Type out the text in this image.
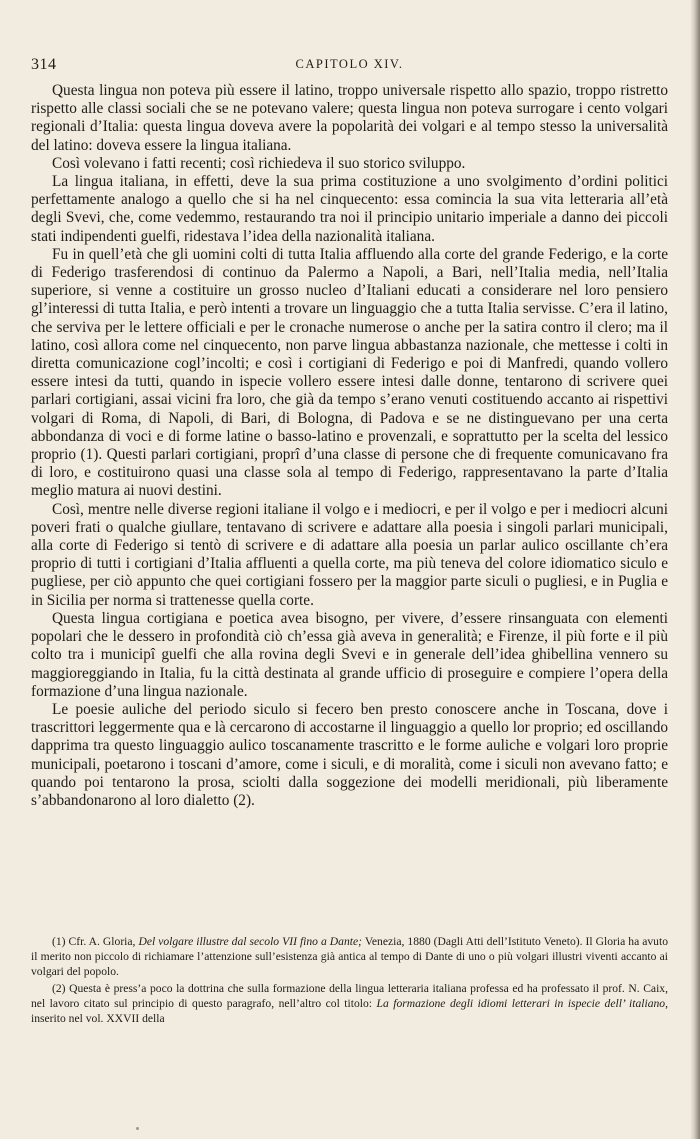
314	CAPITOLO XIV.

Questa lingua non poteva più essere il latino, troppo universale rispetto allo spazio, troppo ristretto rispetto alle classi sociali che se ne potevano valere; questa lingua non poteva surrogare i cento volgari regionali d’Italia: questa lingua doveva avere la popolarità dei volgari e al tempo stesso la universalità del latino: doveva essere la lingua italiana.

Così volevano i fatti recenti; così richiedeva il suo storico sviluppo.

La lingua italiana, in effetti, deve la sua prima costituzione a uno svolgimento d’ordini politici perfettamente analogo a quello che si ha nel cinquecento: essa comincia la sua vita letteraria all’età degli Svevi, che, come vedemmo, restaurando tra noi il principio unitario imperiale a danno dei piccoli stati indipendenti guelfi, ridestava l’idea della nazionalità italiana.

Fu in quell’età che gli uomini colti di tutta Italia affluendo alla corte del grande Federigo, e la corte di Federigo trasferendosi di continuo da Palermo a Napoli, a Bari, nell’Italia media, nell’Italia superiore, si venne a costituire un grosso nucleo d’Italiani educati a considerare nel loro pensiero gl’interessi di tutta Italia, e però intenti a trovare un linguaggio che a tutta Italia servisse. C’era il latino, che serviva per le lettere officiali e per le cronache numerose o anche per la satira contro il clero; ma il latino, così allora come nel cinquecento, non parve lingua abbastanza nazionale, che mettesse i colti in diretta comunicazione cogl’incolti; e così i cortigiani di Federigo e poi di Manfredi, quando vollero essere intesi da tutti, quando in ispecie vollero essere intesi dalle donne, tentarono di scrivere quei parlari cortigiani, assai vicini fra loro, che già da tempo s’erano venuti costituendo accanto ai rispettivi volgari di Roma, di Napoli, di Bari, di Bologna, di Padova e se ne distinguevano per una certa abbondanza di voci e di forme latine o basso-latino e provenzali, e soprattutto per la scelta del lessico proprio (1). Questi parlari cortigiani, proprî d’una classe di persone che di frequente comunicavano fra di loro, e costituirono quasi una classe sola al tempo di Federigo, rappresentavano la parte d’Italia meglio matura ai nuovi destini.

Così, mentre nelle diverse regioni italiane il volgo e i mediocri, e per il volgo e per i mediocri alcuni poveri frati o qualche giullare, tentavano di scrivere e adattare alla poesia i singoli parlari municipali, alla corte di Federigo si tentò di scrivere e di adattare alla poesia un parlar aulico oscillante ch’era proprio di tutti i cortigiani d’Italia affluenti a quella corte, ma più teneva del colore idiomatico siculo e pugliese, per ciò appunto che quei cortigiani fossero per la maggior parte siculi o pugliesi, e in Puglia e in Sicilia per norma si trattenesse quella corte.

Questa lingua cortigiana e poetica avea bisogno, per vivere, d’essere rinsanguata con elementi popolari che le dessero in profondità ciò ch’essa già aveva in generalità; e Firenze, il più forte e il più colto tra i municipî guelfi che alla rovina degli Svevi e in generale dell’idea ghibellina vennero su maggioreggiando in Italia, fu la città destinata al grande ufficio di proseguire e compiere l’opera della formazione d’una lingua nazionale.

Le poesie auliche del periodo siculo si fecero ben presto conoscere anche in Toscana, dove i trascrittori leggermente qua e là cercarono di accostarne il linguaggio a quello lor proprio; ed oscillando dapprima tra questo linguaggio aulico toscanamente trascritto e le forme auliche e volgari loro proprie municipali, poetarono i toscani d’amore, come i siculi, e di moralità, come i siculi non avevano fatto; e quando poi tentarono la prosa, sciolti dalla soggezione dei modelli meridionali, più liberamente s’abbandonarono al loro dialetto (2).

(1) Cfr. A. Gloria, Del volgare illustre dal secolo VII fino a Dante; Venezia, 1880 (Dagli Atti dell’Istituto Veneto). Il Gloria ha avuto il merito non piccolo di richiamare l’attenzione sull’esistenza già antica al tempo di Dante di uno o più volgari illustri viventi accanto ai volgari del popolo.

(2) Questa è press’a poco la dottrina che sulla formazione della lingua letteraria italiana professa ed ha professato il prof. N. Caix, nel lavoro citato sul principio di questo paragrafo, nell’altro col titolo: La formazione degli idiomi letterari in ispecie dell’ italiano, inserito nel vol. XXVII della
